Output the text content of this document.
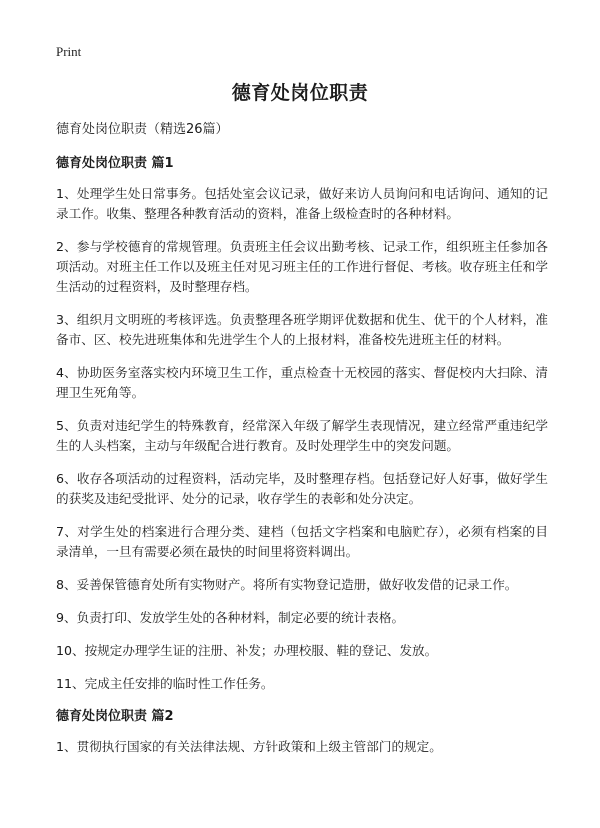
Print
德育处岗位职责

德育处岗位职责（精选26篇）

德育处岗位职责 篇1

1、处理学生处日常事务。包括处室会议记录，做好来访人员询问和电话询问、通知的记录工作。收集、整理各种教育活动的资料，准备上级检查时的各种材料。

2、参与学校德育的常规管理。负责班主任会议出勤考核、记录工作，组织班主任参加各项活动。对班主任工作以及班主任对见习班主任的工作进行督促、考核。收存班主任和学生活动的过程资料，及时整理存档。

3、组织月文明班的考核评选。负责整理各班学期评优数据和优生、优干的个人材料，准备市、区、校先进班集体和先进学生个人的上报材料，准备校先进班主任的材料。

4、协助医务室落实校内环境卫生工作，重点检查十无校园的落实、督促校内大扫除、清理卫生死角等。

5、负责对违纪学生的特殊教育，经常深入年级了解学生表现情况，建立经常严重违纪学生的人头档案，主动与年级配合进行教育。及时处理学生中的突发问题。

6、收存各项活动的过程资料，活动完毕，及时整理存档。包括登记好人好事，做好学生的获奖及违纪受批评、处分的记录，收存学生的表彰和处分决定。

7、对学生处的档案进行合理分类、建档（包括文字档案和电脑贮存），必须有档案的目录清单，一旦有需要必须在最快的时间里将资料调出。

8、妥善保管德育处所有实物财产。将所有实物登记造册，做好收发借的记录工作。

9、负责打印、发放学生处的各种材料，制定必要的统计表格。

10、按规定办理学生证的注册、补发；办理校服、鞋的登记、发放。

11、完成主任安排的临时性工作任务。

德育处岗位职责 篇2

1、贯彻执行国家的有关法律法规、方针政策和上级主管部门的规定。
